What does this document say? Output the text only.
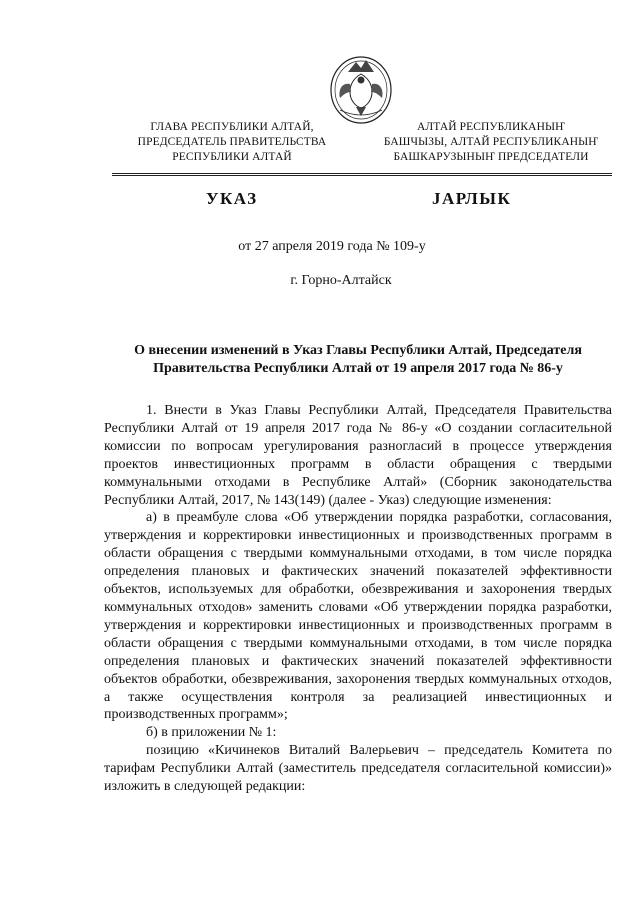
ГЛАВА РЕСПУБЛИКИ АЛТАЙ,
ПРЕДСЕДАТЕЛЬ ПРАВИТЕЛЬСТВА
РЕСПУБЛИКИ АЛТАЙ
АЛТАЙ РЕСПУБЛИКАНЫҤ
БАШЧЫЗЫ, АЛТАЙ РЕСПУБЛИКАНЫҤ
БАШКАРУЗЫНЫҤ ПРЕДСЕДАТЕЛИ
УКАЗ	JАРЛЫК
от 27 апреля 2019 года № 109-у
г. Горно-Алтайск
О внесении изменений в Указ Главы Республики Алтай, Председателя
Правительства Республики Алтай от 19 апреля 2017 года № 86-у

1. Внести в Указ Главы Республики Алтай, Председателя Правительства Республики Алтай от 19 апреля 2017 года № 86-у «О создании согласительной комиссии по вопросам урегулирования разногласий в процессе утверждения проектов инвестиционных программ в области обращения с твердыми коммунальными отходами в Республике Алтай» (Сборник законодательства Республики Алтай, 2017, № 143(149) (далее - Указ) следующие изменения:

а) в преамбуле слова «Об утверждении порядка разработки, согласования, утверждения и корректировки инвестиционных и производственных программ в области обращения с твердыми коммунальными отходами, в том числе порядка определения плановых и фактических значений показателей эффективности объектов, используемых для обработки, обезвреживания и захоронения твердых коммунальных отходов» заменить словами «Об утверждении порядка разработки, утверждения и корректировки инвестиционных и производственных программ в области обращения с твердыми коммунальными отходами, в том числе порядка определения плановых и фактических значений показателей эффективности объектов обработки, обезвреживания, захоронения твердых коммунальных отходов, а также осуществления контроля за реализацией инвестиционных и производственных программ»;

б) в приложении № 1:

позицию «Кичинеков Виталий Валерьевич – председатель Комитета по тарифам Республики Алтай (заместитель председателя согласительной комиссии)» изложить в следующей редакции:
